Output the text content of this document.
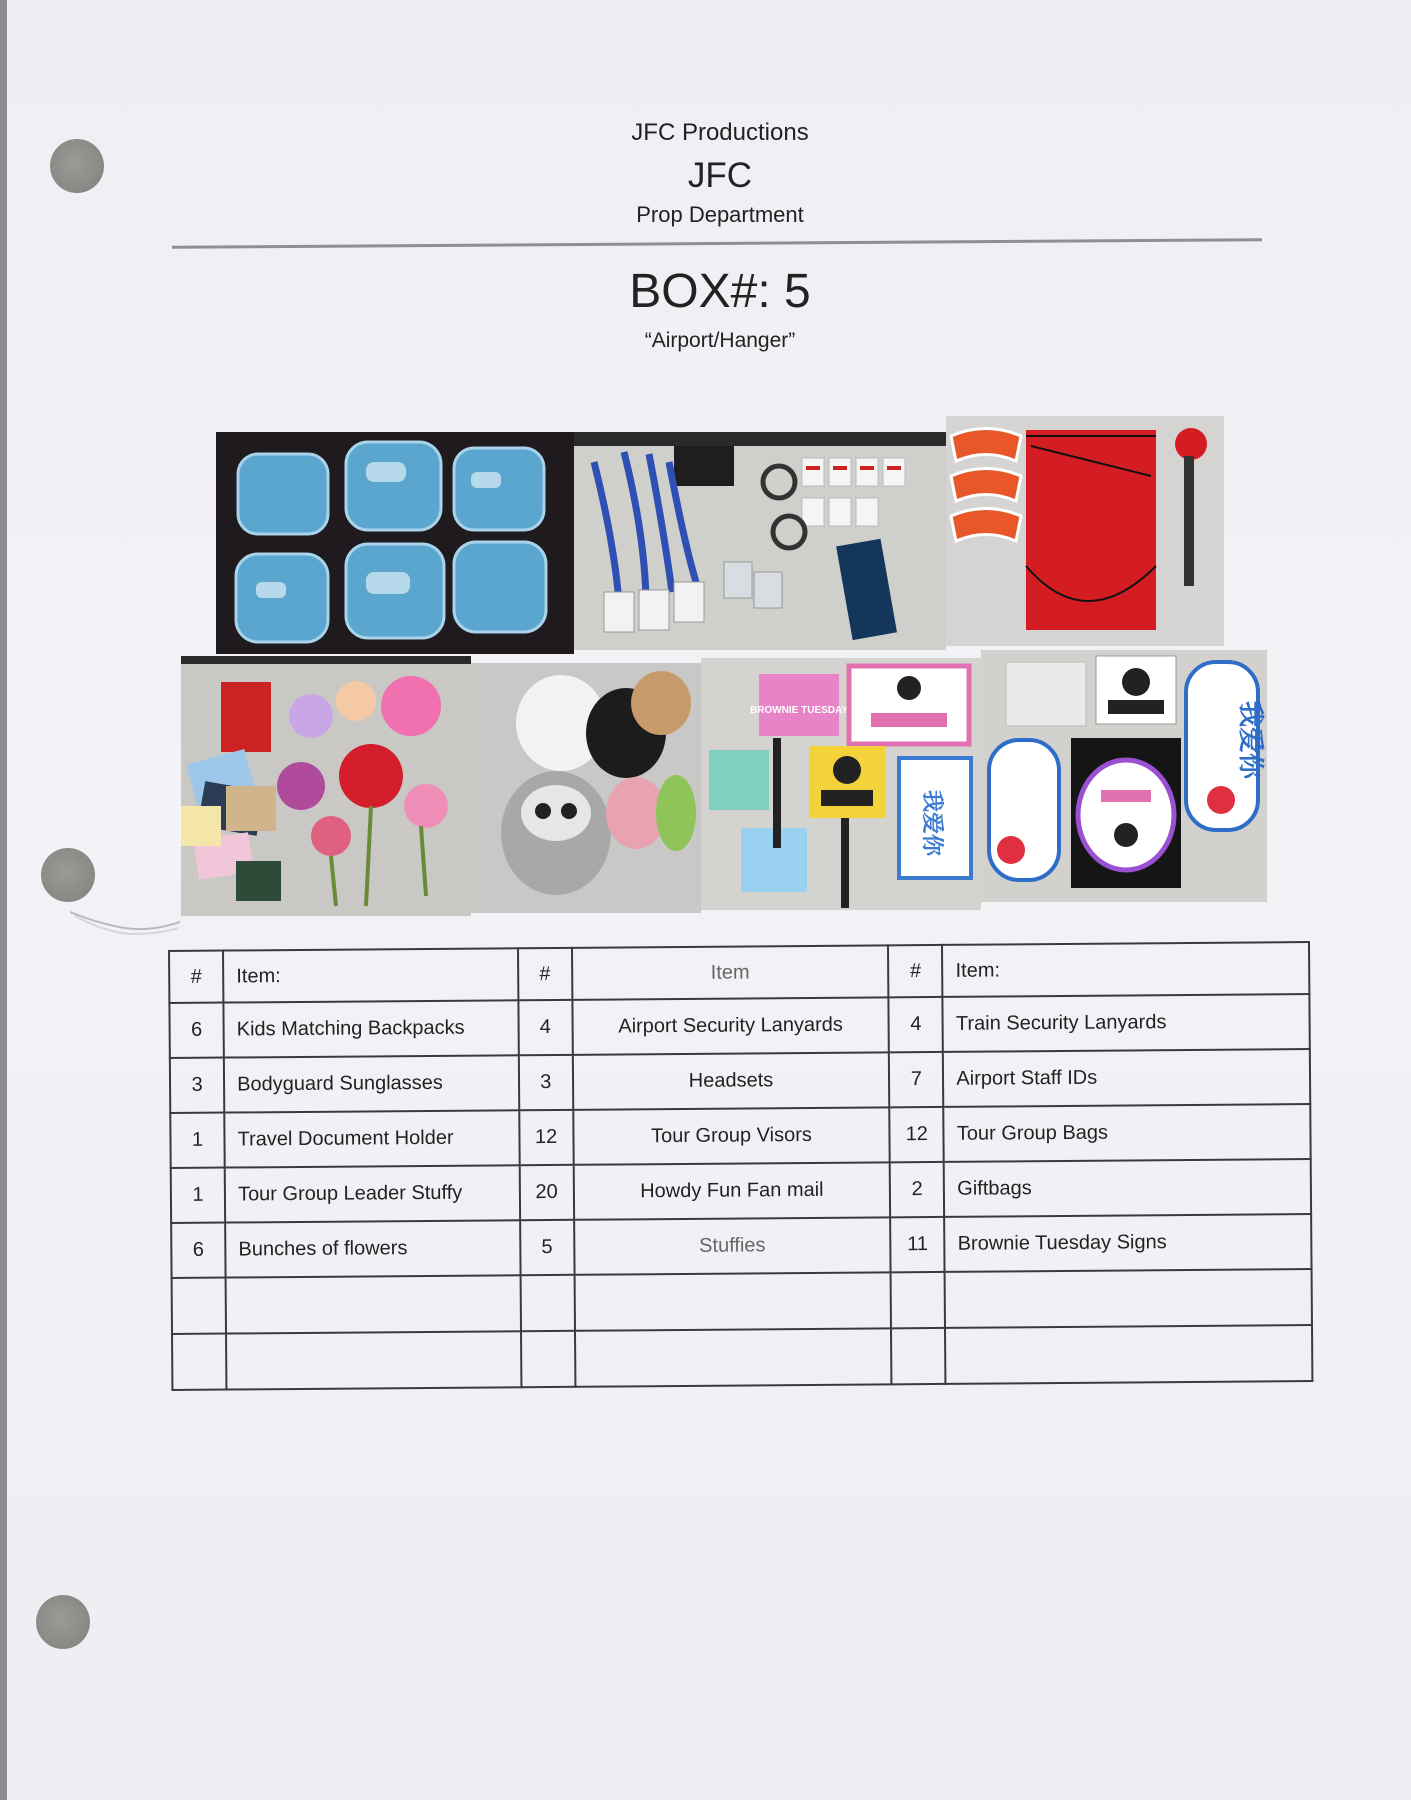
JFC Productions
JFC
Prop Department
BOX#: 5
“Airport/Hanger”
BROWNIE TUESDAY
我爱你
我爱你
#	Item:	#	Item	#	Item:
6	Kids Matching Backpacks	4	Airport Security Lanyards	4	Train Security Lanyards
3	Bodyguard Sunglasses	3	Headsets	7	Airport Staff IDs
1	Travel Document Holder	12	Tour Group Visors	12	Tour Group Bags
1	Tour Group Leader Stuffy	20	Howdy Fun Fan mail	2	Giftbags
6	Bunches of flowers	5	Stuffies	11	Brownie Tuesday Signs
